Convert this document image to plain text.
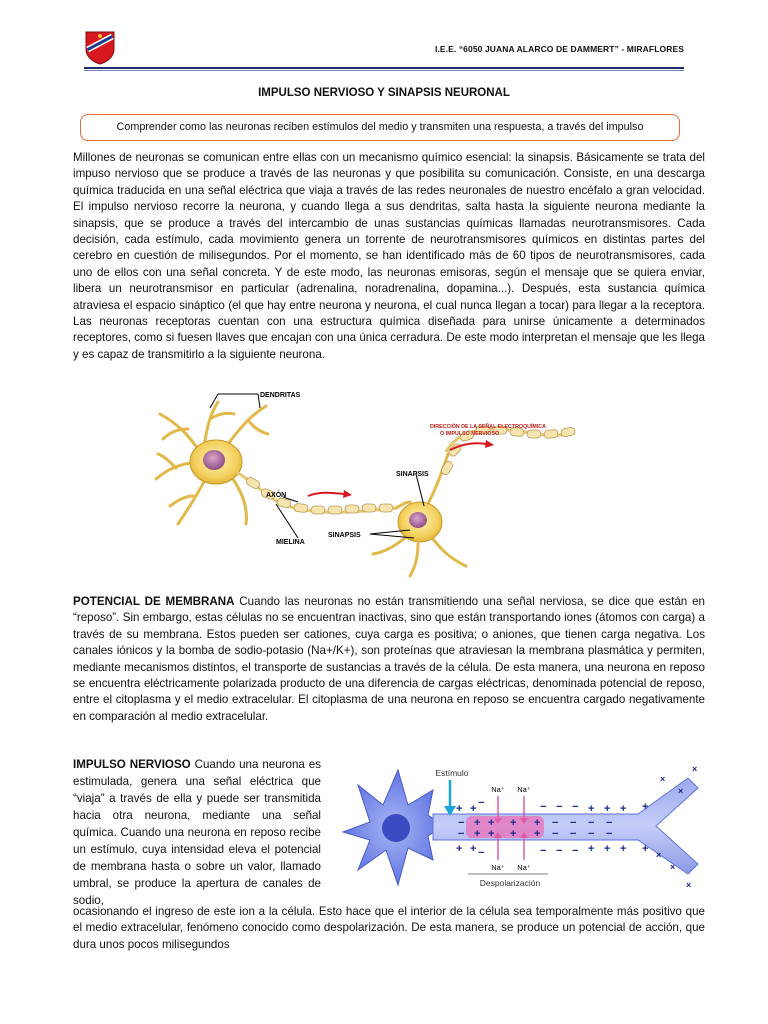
I.E.E. “6050 JUANA ALARCO DE DAMMERT” - MIRAFLORES
IMPULSO NERVIOSO Y SINAPSIS NEURONAL
Comprender como las neuronas reciben estímulos del medio y transmiten una respuesta, a través del impulso

Millones de neuronas se comunican entre ellas con un mecanismo químico esencial: la sinapsis. Básicamente se trata del impuso nervioso que se produce a través de las neuronas y que posibilita su comunicación. Consiste, en una descarga química traducida en una señal eléctrica que viaja a través de las redes neuronales de nuestro encéfalo a gran velocidad. El impulso nervioso recorre la neurona, y cuando llega a sus dendritas, salta hasta la siguiente neurona mediante la sinapsis, que se produce a través del intercambio de unas sustancias químicas llamadas neurotransmisores. Cada decisión, cada estímulo, cada movimiento genera un torrente de neurotransmisores químicos en distintas partes del cerebro en cuestión de milisegundos. Por el momento, se han identificado más de 60 tipos de neurotransmisores, cada uno de ellos con una señal concreta. Y de este modo, las neuronas emisoras, según el mensaje que se quiera enviar, libera un neurotransmisor en particular (adrenalina, noradrenalina, dopamina...). Después, esta sustancia química atraviesa el espacio sináptico (el que hay entre neurona y neurona, el cual nunca llegan a tocar) para llegar a la receptora. Las neuronas receptoras cuentan con una estructura química diseñada para unirse únicamente a determinados receptores, como si fuesen llaves que encajan con una única cerradura. De este modo interpretan el mensaje que les llega y es capaz de transmitirlo a la siguiente neurona.

DENDRITAS
DIRECCIÓN DE LA SEÑAL ELECTROQUÍMICA
O IMPULSO NERVIOSO
SINAPSIS
AXÓN
MIELINA
SINAPSIS

POTENCIAL DE MEMBRANA Cuando las neuronas no están transmitiendo una señal nerviosa, se dice que están en “reposo”. Sin embargo, estas células no se encuentran inactivas, sino que están transportando iones (átomos con carga) a través de su membrana. Estos pueden ser cationes, cuya carga es positiva; o aniones, que tienen carga negativa. Los canales iónicos y la bomba de sodio-potasio (Na+/K+), son proteínas que atraviesan la membrana plasmática y permiten, mediante mecanismos distintos, el transporte de sustancias a través de la célula. De esta manera, una neurona en reposo se encuentra eléctricamente polarizada producto de una diferencia de cargas eléctricas, denominada potencial de reposo, entre el citoplasma y el medio extracelular. El citoplasma de una neurona en reposo se encuentra cargado negativamente en comparación al medio extracelular.

IMPULSO NERVIOSO Cuando una neurona es estimulada, genera una señal eléctrica que “viaja” a través de ella y puede ser transmitida hacia otra neurona, mediante una señal química. Cuando una neurona en reposo recibe un estímulo, cuya intensidad eleva el potencial de membrana hasta o sobre un valor, llamado umbral, se produce la apertura de canales de sodio,

ocasionando el ingreso de este ion a la célula. Esto hace que el interior de la célula sea temporalmente más positivo que el medio extracelular, fenómeno conocido como despolarización. De esta manera, se produce un potencial de acción, que dura unos pocos milisegundos

Estímulo
Na⁺ Na⁺
Na⁺ Na⁺
Despolarización
+ +	− − − + + +
−
− + + + + − − − −
− + + + + − − − −
+ +	− − − + + +
−
+
+
×
×
×
×
×
×
